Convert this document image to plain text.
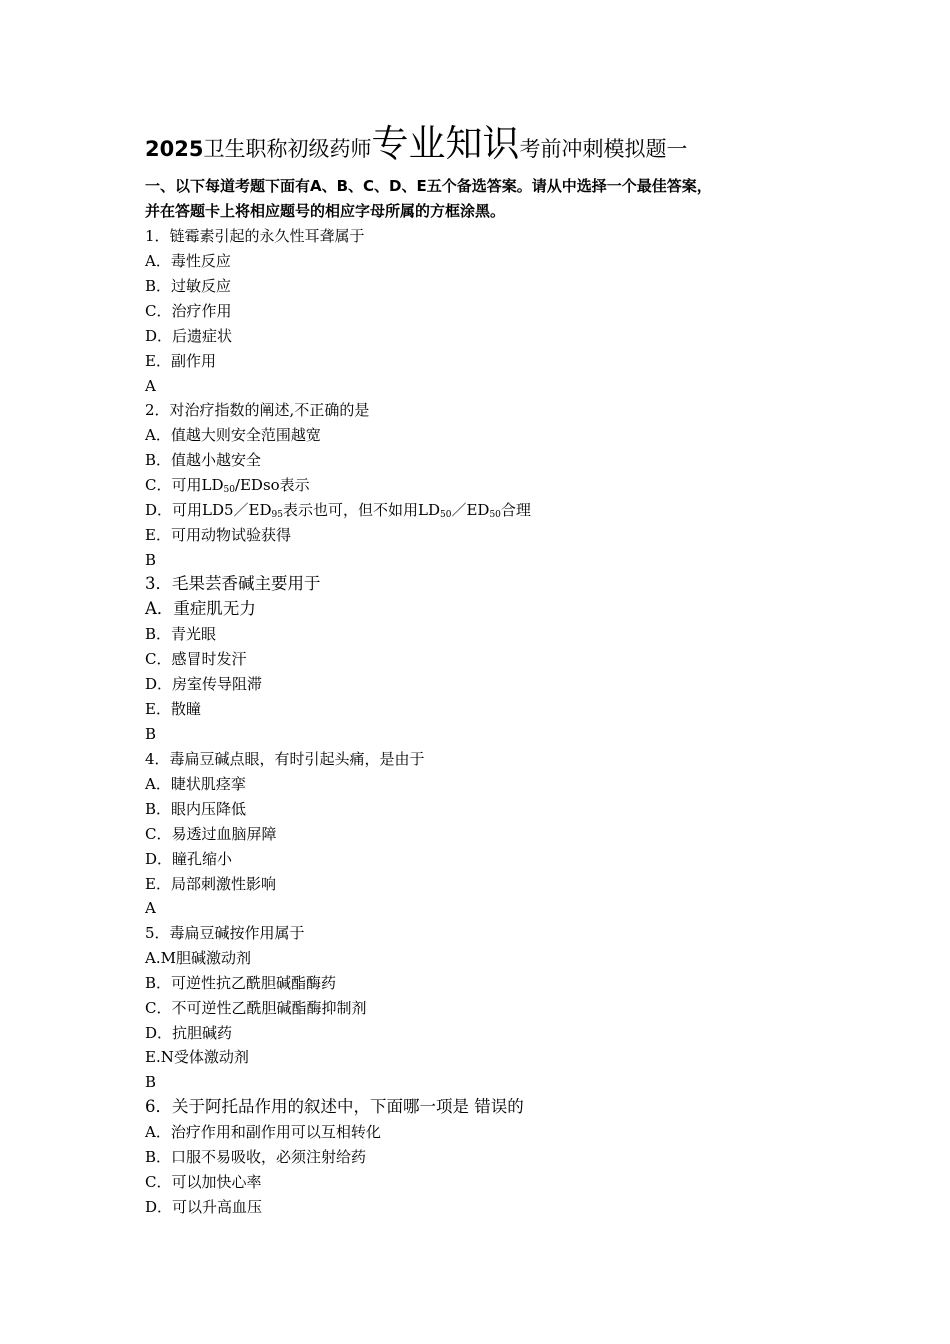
2025卫生职称初级药师专业知识考前冲刺模拟题一
一、以下每道考题下面有A、B、C、D、E五个备选答案。请从中选择一个最佳答案，
并在答题卡上将相应题号的相应字母所属的方框涂黑。
1．链霉素引起的永久性耳聋属于
A．毒性反应
B．过敏反应
C．治疗作用
D．后遗症状
E．副作用
A
2．对治疗指数的阐述,不正确的是
A．值越大则安全范围越宽
B．值越小越安全
C．可用$LD_{50}$/EDso表示
D．可用$LD5/ED_{95}$表示也可，但不如用$LD_{50}/ED_{50}$合理
E．可用动物试验获得
B
3．毛果芸香碱主要用于
A．重症肌无力
B．青光眼
C．感冒时发汗
D．房室传导阻滞
E．散瞳
B
4．毒扁豆碱点眼，有时引起头痛，是由于
A．睫状肌痉挛
B．眼内压降低
C．易透过血脑屏障
D．瞳孔缩小
E．局部刺激性影响
A
5．毒扁豆碱按作用属于
A.M胆碱激动剂
B．可逆性抗乙酰胆碱酯酶药
C．不可逆性乙酰胆碱酯酶抑制剂
D．抗胆碱药
E.N受体激动剂
B
6．关于阿托品作用的叙述中，下面哪一项是 错误的
A．治疗作用和副作用可以互相转化
B．口服不易吸收，必须注射给药
C．可以加快心率
D．可以升高血压
